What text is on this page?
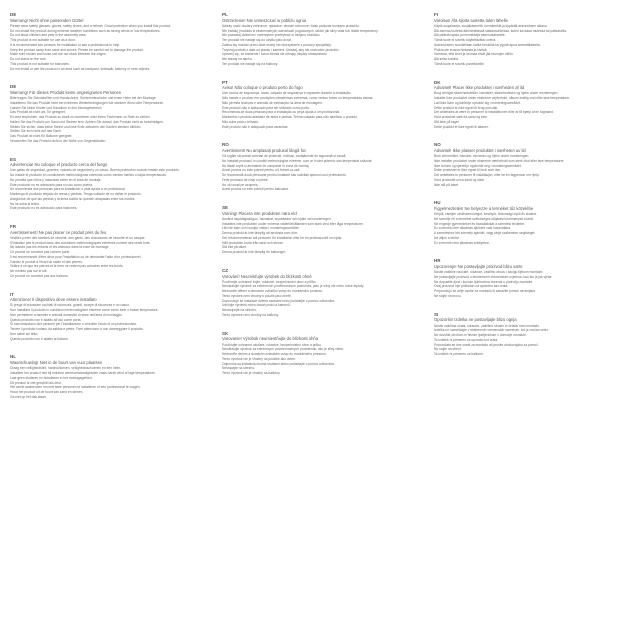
DE
Warnung! Nicht ohne passenden Gürtel
Please wear safety glasses, gloves, safety shoes, and a helmet. Good protection when you install this product.
Do not install the product during extreme weather conditions such as strong winds or low temperatures.
Do not allow children and pets in the assembly area.
This product is not suitable for use as a door.
It is recommended two persons for installation or ask a professional to help.
Keep the product away from sand and stones. Please be careful not to damage the product.
Make sure stones and loose soil are not stuck between the edges.
Do not stand on the roof.
This product is not suitable for balconies.
Do not install or use the product in an area such as backyard, sidewalk, balcony or near objects.
DE
Warnung! Für dieses Produkt keine ungeeigneten Personen
Bitte tragen Sie Schutzbrillen und Handschuhe, Sicherheitsschuhe und einen Helm bei der Montage.
Installieren Sie das Produkt nicht bei extremen Wetterbedingungen wie starkem Wind oder Temperaturen.
Lassen Sie keine Kinder und Haustiere in den Montagebereich.
Das Produkt ist nicht als Tür geeignet.
Es wird empfohlen, das Produkt zu zweit zu montieren oder einen Fachmann zu Rate zu ziehen.
Halten Sie das Produkt von Sand und Steinen fern. Achten Sie darauf, das Produkt nicht zu beschädigen.
Stellen Sie sicher, dass keine Steine und lose Erde zwischen den Kanten stecken bleiben.
Stellen Sie sich nicht auf das Dach.
Das Produkt ist nicht für Balkone geeignet.
Verwenden Sie das Produkt nicht in der Nähe von Gegenständen.
ES
Advertencia! No coloque el producto cerca del fuego
Use gafas de seguridad, guantes, calzado de seguridad y un casco. Buena protección cuando instale este producto.
No instale el producto en condiciones meteorológicas extremas como vientos fuertes o bajas temperaturas.
No permita que niños y mascotas estén en el área de montaje.
Este producto no es adecuado para su uso como puerta.
Se recomienda dos personas para la instalación o pida ayuda a un profesional.
Mantenga el producto alejado de arena y piedras. Tenga cuidado de no dañar el producto.
Asegúrese de que las piedras y la tierra suelta no queden atrapadas entre los bordes.
No se suba al techo.
Este producto no es adecuado para balcones.
FR
Avertissement! Ne pas placer ce produit près du feu
Veuillez porter des lunettes de sécurité, des gants, des chaussures de sécurité et un casque.
N'installez pas le produit dans des conditions météorologiques extrêmes comme des vents forts.
Ne laissez pas les enfants et les animaux dans la zone de montage.
Ce produit ne convient pas comme porte.
Il est recommandé d'être deux pour l'installation ou de demander l'aide d'un professionnel.
Gardez le produit à l'écart du sable et des pierres.
Veillez à ce que les pierres et la terre ne restent pas coincées entre les bords.
Ne montez pas sur le toit.
Ce produit ne convient pas aux balcons.
IT
Attenzione! Il dispositivo deve essere installato
Si prega di indossare occhiali di sicurezza, guanti, scarpe di sicurezza e un casco.
Non installare il prodotto in condizioni meteorologiche estreme come vento forte o basse temperature.
Non permettere a bambini e animali domestici di stare nell'area di montaggio.
Questo prodotto non è adatto all'uso come porta.
Si raccomandano due persone per l'installazione o chiedete l'aiuto di un professionista.
Tenere il prodotto lontano da sabbia e pietre. Fare attenzione a non danneggiare il prodotto.
Non salire sul tetto.
Questo prodotto non è adatto ai balconi.
NL
Waarschuwing! Niet in de buurt van vuur plaatsen
Draag een veiligheidsbril, handschoenen, veiligheidsschoenen en een helm.
Installeer het product niet bij extreme weersomstandigheden zoals harde wind of lage temperaturen.
Laat geen kinderen en huisdieren in het montagegebied.
Dit product is niet geschikt als deur.
Het wordt aanbevolen om met twee personen te installeren of een professional te vragen.
Houd het product uit de buurt van zand en stenen.
Ga niet op het dak staan.
PL
Ostrzeżenie! Nie umieszczać w pobliżu ognia
Należy nosić okulary ochronne, rękawice, obuwie ochronne i kask podczas montażu produktu.
Nie instaluj produktu w ekstremalnych warunkach pogodowych, takich jak silny wiatr lub niskie temperatury.
Nie pozwalaj dzieciom i zwierzętom przebywać w miejscu montażu.
Ten produkt nie nadaje się do użytku jako drzwi.
Zaleca się montaż przez dwie osoby lub skorzystanie z pomocy specjalisty.
Trzymaj produkt z dala od piasku i kamieni. Uważaj, aby nie uszkodzić produktu.
Upewnij się, że kamienie i luźna ziemia nie utknęły między krawędziami.
Nie stawaj na dachu.
Ten produkt nie nadaje się na balkony.
PT
Aviso! Não coloque o produto perto do fogo
Use óculos de segurança, luvas, calçado de segurança e capacete durante a instalação.
Não instale o produto em condições climatéricas extremas, como ventos fortes ou temperaturas baixas.
Não permita crianças e animais de estimação na área de montagem.
Este produto não é adequado para ser utilizado como porta.
Recomenda-se duas pessoas para a instalação ou peça ajuda a um profissional.
Mantenha o produto afastado de areia e pedras. Tenha cuidado para não danificar o produto.
Não suba para o telhado.
Este produto não é adequado para varandas.
RO
Avertisment! Nu amplasați produsul lângă foc
Vă rugăm să purtați ochelari de protecție, mănuși, încălțăminte de siguranță și cască.
Nu instalați produsul în condiții meteorologice extreme, cum ar fi vânt puternic sau temperaturi scăzute.
Nu lăsați copiii și animalele de companie în zona de montaj.
Acest produs nu este potrivit pentru a fi folosit ca ușă.
Se recomandă două persoane pentru instalare sau solicitați ajutorul unui profesionist.
Feriți produsul de nisip și pietre.
Nu vă urcați pe acoperiș.
Acest produs nu este potrivit pentru balcoane.
SE
Varning! Placera inte produkten nära eld
Använd skyddsglasögon, handskar, skyddsskor och hjälm vid monteringen.
Installera inte produkten under extrema väderförhållanden som stark vind eller låga temperaturer.
Låt inte barn och husdjur vistas i monteringsområdet.
Denna produkt är inte lämplig att använda som dörr.
Det rekommenderas två personer för installation eller be en professionell om hjälp.
Håll produkten borta från sand och stenar.
Stå inte på taket.
Denna produkt är inte lämplig för balkonger.
CZ
Varování! Neumisťujte výrobek do blízkosti ohně
Používejte ochranné brýle, rukavice, bezpečnostní obuv a přilbu.
Neinstalujte výrobek za extrémních povětrnostních podmínek, jako je silný vítr nebo nízké teploty.
Nedovolte dětem a domácím zvířatům vstup do montážního prostoru.
Tento výrobek není vhodný k použití jako dveře.
Doporučuje se instalace dvěma osobami nebo požádejte o pomoc odborníka.
Udržujte výrobek mimo dosah písku a kamenů.
Nestoupejte na střechu.
Tento výrobek není vhodný na balkony.
SK
Varovanie! Výrobok neumiestňujte do blízkosti ohňa
Používajte ochranné okuliare, rukavice, bezpečnostnú obuv a prilbu.
Neinštalujte výrobok za extrémnych poveternostných podmienok, ako je silný vietor.
Nedovoľte deťom a domácim zvieratám vstup do montážneho priestoru.
Tento výrobok nie je vhodný na použitie ako dvere.
Odporúča sa inštalácia dvoma osobami alebo požiadajte o pomoc odborníka.
Nestúpajte na strechu.
Tento výrobok nie je vhodný na balkóny.
FI
Varoitus! Älä sijoita tuotetta tulen lähelle
Käytä suojalaseja, suojakäsineitä, turvakenkiä ja kypärää asennuksen aikana.
Älä asenna tuotetta äärimmäisissä sääolosuhteissa, kuten kovassa tuulessa tai pakkasella.
Älä päästä lapsia ja lemmikkejä asennusalueelle.
Tämä tuote ei sovellu käytettäväksi ovena.
Asennukseen suositellaan kahta henkilöä tai pyydä apua ammattilaiselta.
Pidä tuote erossa hiekasta ja kivistä.
Varmista, että kivet ja irtomaa eivät jää reunojen väliin.
Älä seiso katolla.
Tämä tuote ei sovellu parvekkeille.
DK
Advarsel! Placer ikke produktet i nærheden af ild
Brug venligst sikkerhedsbriller, handsker, sikkerhedssko og hjelm under monteringen.
Installer ikke produktet under ekstreme vejrforhold, såsom kraftig vind eller lave temperaturer.
Lad ikke børn og kæledyr opholde sig i monteringsområdet.
Dette produkt er ikke egnet til brug som dør.
Det anbefales at være to personer til installationen eller at få hjælp af en fagmand.
Hold produktet væk fra sand og sten.
Stå ikke på taget.
Dette produkt er ikke egnet til altaner.
NO
Advarsel! Ikke plasser produktet i nærheten av ild
Bruk vernebriller, hansker, vernesko og hjelm under monteringen.
Ikke installer produktet under ekstreme værforhold som sterk vind eller lave temperaturer.
Ikke la barn og kjæledyr oppholde seg i monteringsområdet.
Dette produktet er ikke egnet til bruk som dør.
Det anbefales to personer til installasjon, eller be en fagperson om hjelp.
Hold produktet unna sand og stein.
Ikke stå på taket.
HU
Figyelmeztetés! Ne helyezze a terméket tűz közelébe
Kérjük, viseljen védőszemüveget, kesztyűt, biztonsági cipőt és sisakot.
Ne szerelje fel a terméket szélsőséges időjárási körülmények között.
Ne engedje gyermekeket és háziállatokat a szerelési területre.
Ez a termék nem alkalmas ajtóként való használatra.
A szereléshez két személy ajánlott, vagy kérje szakember segítségét.
Ne álljon a tetőre.
Ez a termék nem alkalmas erkélyekre.
HR
Upozorenje! Ne postavljajte proizvod blizu vatre
Nosite zaštitne naočale, rukavice, zaštitnu obuću i kacigu tijekom montaže.
Ne postavljajte proizvod u ekstremnim vremenskim uvjetima, kao što je jak vjetar.
Ne dopustite djeci i kućnim ljubimcima boravak u području montaže.
Ovaj proizvod nije prikladan za upotrebu kao vrata.
Preporučuju se dvije osobe za montažu ili zatražite pomoć stručnjaka.
Ne stojte na krovu.
SI
Opozorilo! Izdelka ne postavljajte blizu ognja
Nosite zaščitna očala, rokavice, zaščitno obutev in čelado med montažo.
Izdelka ne nameščajte v ekstremnih vremenskih razmerah, kot je močan veter.
Ne dovolite otrokom in hišnim ljubljenčkom v območje montaže.
Ta izdelek ni primeren za uporabo kot vrata.
Priporočata se dve osebi za montažo ali prosite strokovnjaka za pomoč.
Ne stojte na strehi.
Ta izdelek ni primeren za balkone.
